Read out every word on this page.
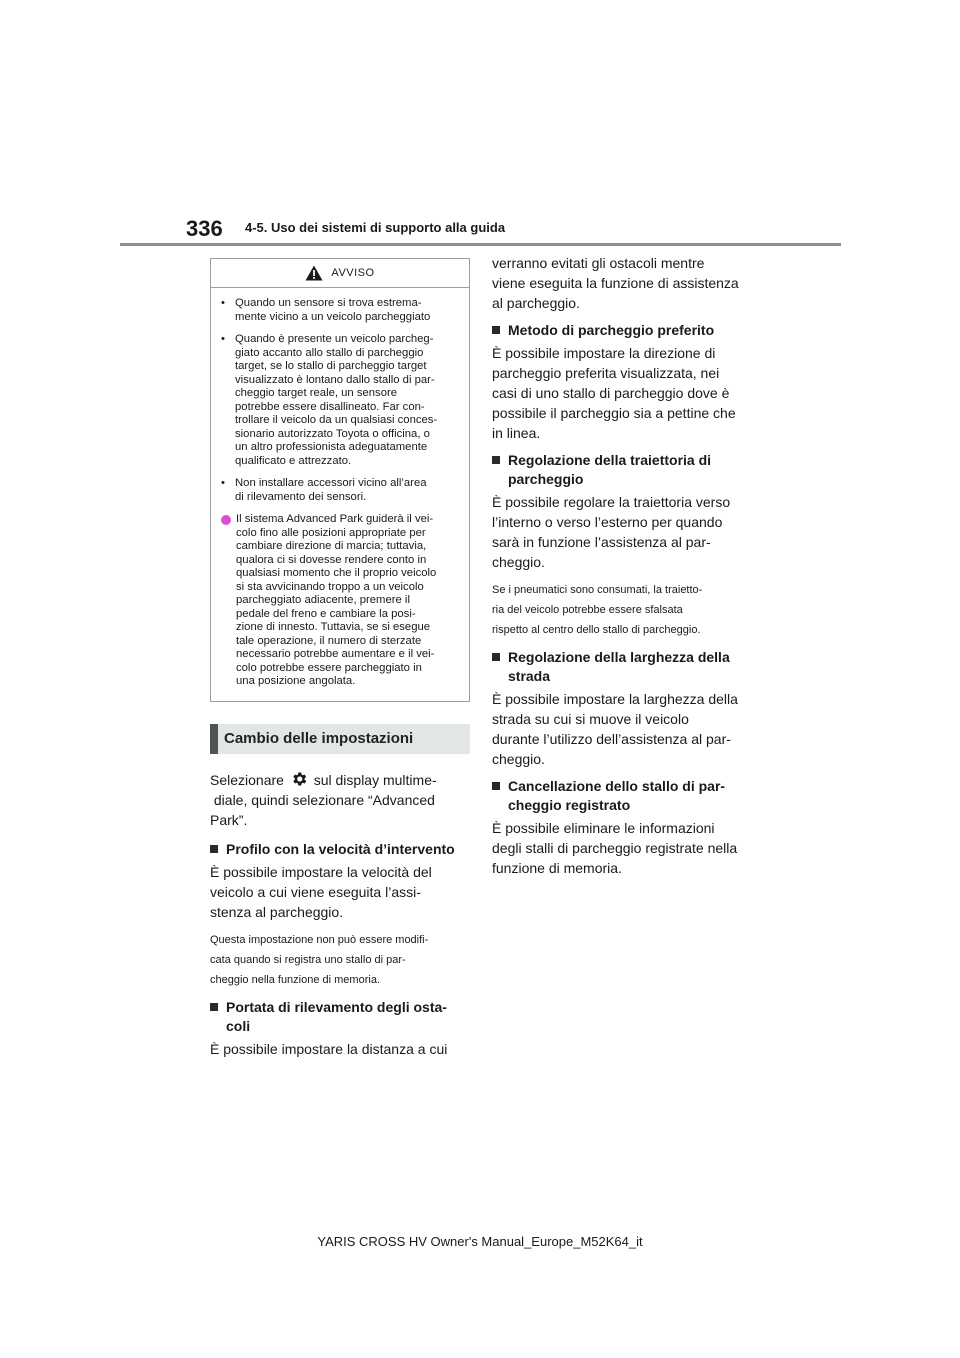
336 4-5. Uso dei sistemi di supporto alla guida
AVVISO
• Quando un sensore si trova estrema-
mente vicino a un veicolo parcheggiato
• Quando è presente un veicolo parcheg-
giato accanto allo stallo di parcheggio
target, se lo stallo di parcheggio target
visualizzato è lontano dallo stallo di par-
cheggio target reale, un sensore
potrebbe essere disallineato. Far con-
trollare il veicolo da un qualsiasi conces-
sionario autorizzato Toyota o officina, o
un altro professionista adeguatamente
qualificato e attrezzato.
• Non installare accessori vicino all’area
di rilevamento dei sensori.
Il sistema Advanced Park guiderà il vei-
colo fino alle posizioni appropriate per
cambiare direzione di marcia; tuttavia,
qualora ci si dovesse rendere conto in
qualsiasi momento che il proprio veicolo
si sta avvicinando troppo a un veicolo
parcheggiato adiacente, premere il
pedale del freno e cambiare la posi-
zione di innesto. Tuttavia, se si esegue
tale operazione, il numero di sterzate
necessario potrebbe aumentare e il vei-
colo potrebbe essere parcheggiato in
una posizione angolata.
Cambio delle impostazioni

Selezionare sul display multime- diale, quindi selezionare “Advanced Park”.

Profilo con la velocità d’intervento

È possibile impostare la velocità del
veicolo a cui viene eseguita l’assi-
stenza al parcheggio.

Questa impostazione non può essere modifi-
cata quando si registra uno stallo di par-
cheggio nella funzione di memoria.

Portata di rilevamento degli osta-
coli

È possibile impostare la distanza a cui

verranno evitati gli ostacoli mentre
viene eseguita la funzione di assistenza
al parcheggio.

Metodo di parcheggio preferito

È possibile impostare la direzione di
parcheggio preferita visualizzata, nei
casi di uno stallo di parcheggio dove è
possibile il parcheggio sia a pettine che
in linea.

Regolazione della traiettoria di
parcheggio

È possibile regolare la traiettoria verso
l’interno o verso l’esterno per quando
sarà in funzione l’assistenza al par-
cheggio.

Se i pneumatici sono consumati, la traietto-
ria del veicolo potrebbe essere sfalsata
rispetto al centro dello stallo di parcheggio.

Regolazione della larghezza della
strada

È possibile impostare la larghezza della
strada su cui si muove il veicolo
durante l’utilizzo dell’assistenza al par-
cheggio.

Cancellazione dello stallo di par-
cheggio registrato

È possibile eliminare le informazioni
degli stalli di parcheggio registrate nella
funzione di memoria.

YARIS CROSS HV Owner's Manual_Europe_M52K64_it
